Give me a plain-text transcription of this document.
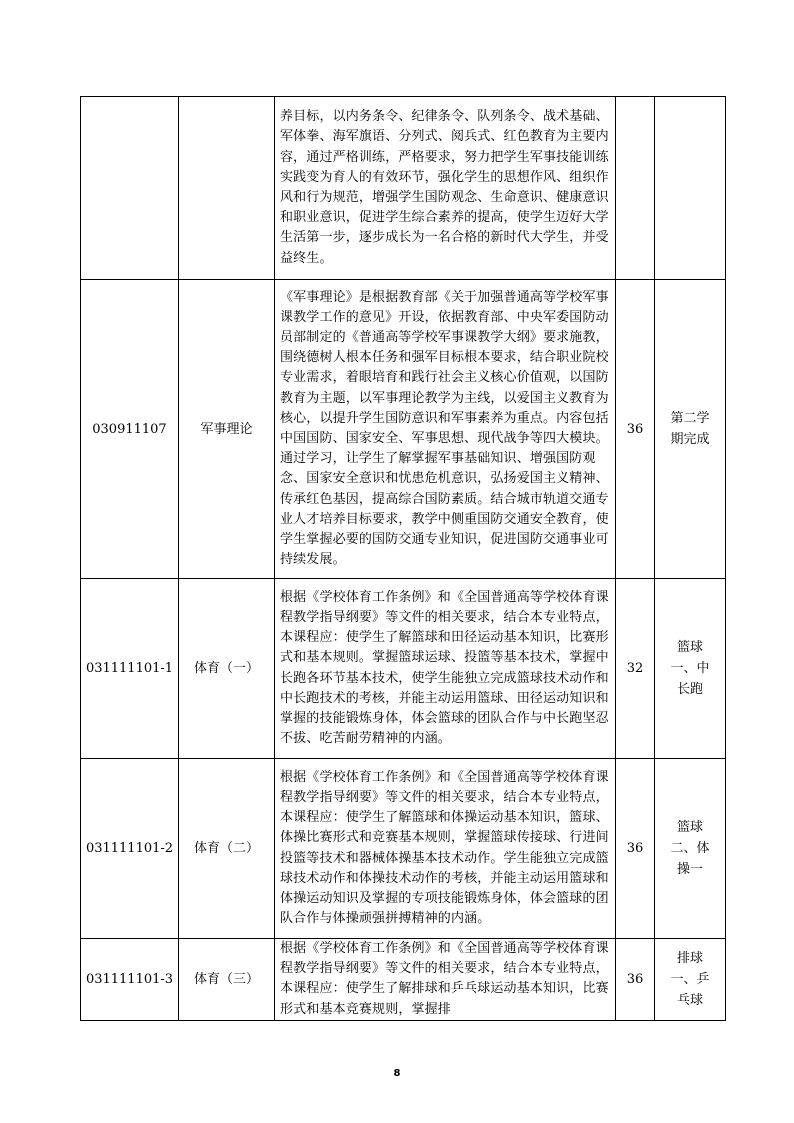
		养目标，以内务条令、纪律条令、队列条令、战术基础、军体拳、海军旗语、分列式、阅兵式、红色教育为主要内容，通过严格训练，严格要求，努力把学生军事技能训练实践变为育人的有效环节，强化学生的思想作风、组织作风和行为规范，增强学生国防观念、生命意识、健康意识和职业意识，促进学生综合素养的提高，使学生迈好大学生活第一步，逐步成长为一名合格的新时代大学生，并受益终生。		

030911107	军事理论	《军事理论》是根据教育部《关于加强普通高等学校军事课教学工作的意见》开设，依据教育部、中央军委国防动员部制定的《普通高等学校军事课教学大纲》要求施教，围绕德树人根本任务和强军目标根本要求，结合职业院校专业需求，着眼培育和践行社会主义核心价值观，以国防教育为主题，以军事理论教学为主线，以爱国主义教育为核心，以提升学生国防意识和军事素养为重点。内容包括中国国防、国家安全、军事思想、现代战争等四大模块。通过学习，让学生了解掌握军事基础知识、增强国防观念、国家安全意识和忧患危机意识，弘扬爱国主义精神、传承红色基因，提高综合国防素质。结合城市轨道交通专业人才培养目标要求，教学中侧重国防交通安全教育，使学生掌握必要的国防交通专业知识，促进国防交通事业可持续发展。	36	第二学期完成
031111101-1	体育（一）	根据《学校体育工作条例》和《全国普通高等学校体育课程教学指导纲要》等文件的相关要求，结合本专业特点，本课程应：使学生了解篮球和田径运动基本知识，比赛形式和基本规则。掌握篮球运球、投篮等基本技术，掌握中长跑各环节基本技术，使学生能独立完成篮球技术动作和中长跑技术的考核，并能主动运用篮球、田径运动知识和掌握的技能锻炼身体，体会篮球的团队合作与中长跑坚忍不拔、吃苦耐劳精神的内涵。	32	篮球一、中长跑
031111101-2	体育（二）	根据《学校体育工作条例》和《全国普通高等学校体育课程教学指导纲要》等文件的相关要求，结合本专业特点，本课程应：使学生了解篮球和体操运动基本知识，篮球、体操比赛形式和竞赛基本规则，掌握篮球传接球、行进间投篮等技术和器械体操基本技术动作。学生能独立完成篮球技术动作和体操技术动作的考核，并能主动运用篮球和体操运动知识及掌握的专项技能锻炼身体，体会篮球的团队合作与体操顽强拼搏精神的内涵。	36	篮球二、体操一
031111101-3	体育（三）	根据《学校体育工作条例》和《全国普通高等学校体育课程教学指导纲要》等文件的相关要求，结合本专业特点，本课程应：使学生了解排球和乒乓球运动基本知识，比赛形式和基本竞赛规则，掌握排	36	排球一、乒乓球
8
